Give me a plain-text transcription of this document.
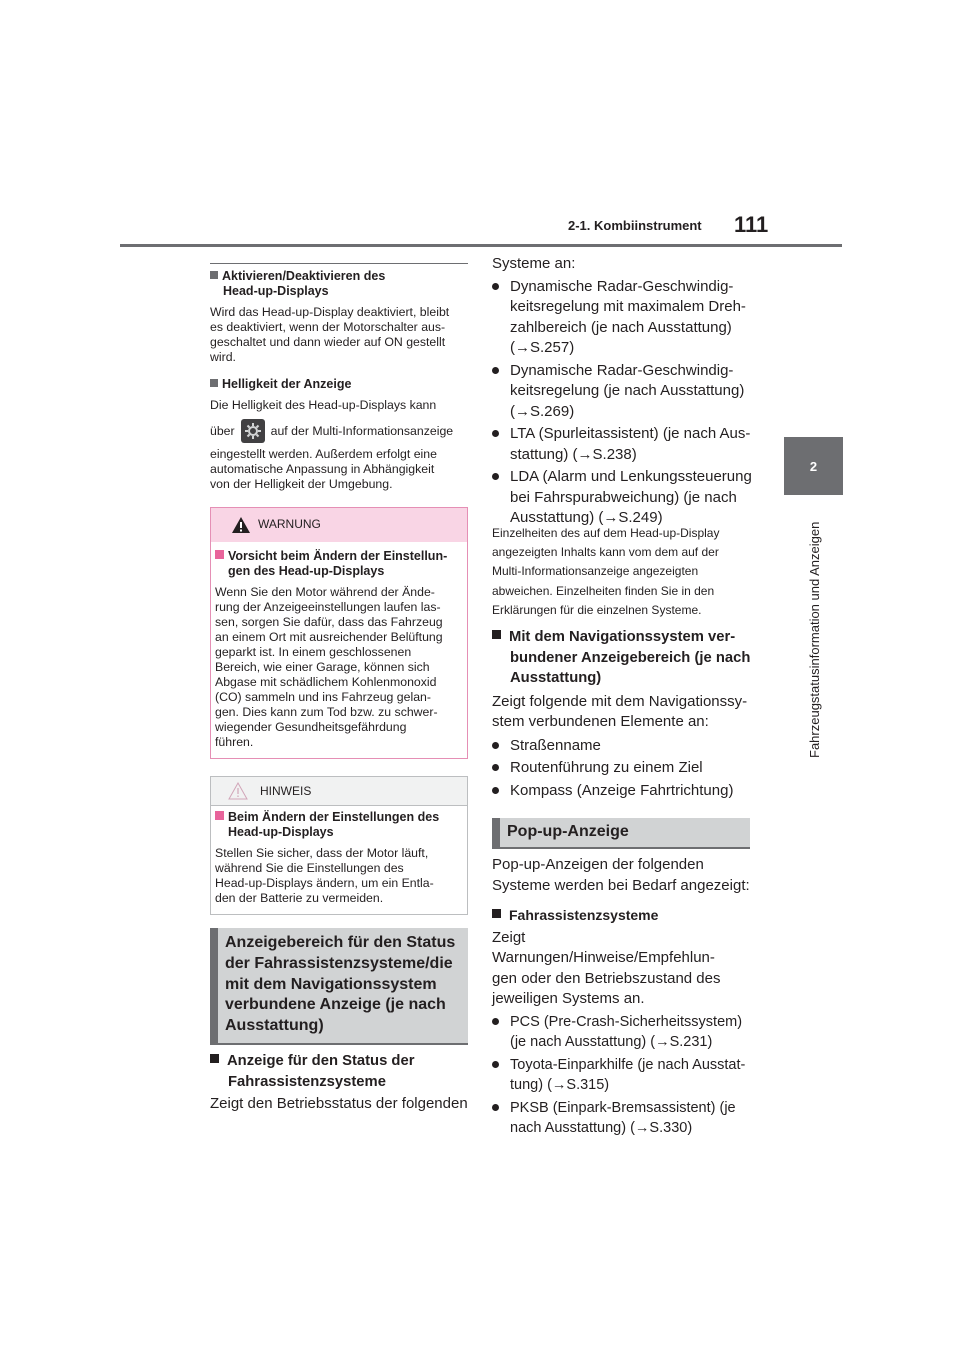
2-1. Kombiinstrument 111
2
Fahrzeugstatusinformation und Anzeigen
Aktivieren/Deaktivieren des
Head-up-Displays
Wird das Head-up-Display deaktiviert, bleibt
es deaktiviert, wenn der Motorschalter aus-
geschaltet und dann wieder auf ON gestellt
wird.
Helligkeit der Anzeige
Die Helligkeit des Head-up-Displays kann
über	auf der Multi-Informationsanzeige
eingestellt werden. Außerdem erfolgt eine
automatische Anpassung in Abhängigkeit
von der Helligkeit der Umgebung.
WARNUNG
Vorsicht beim Ändern der Einstellun-
gen des Head-up-Displays
Wenn Sie den Motor während der Ände-
rung der Anzeigeeinstellungen laufen las-
sen, sorgen Sie dafür, dass das Fahrzeug
an einem Ort mit ausreichender Belüftung
geparkt ist. In einem geschlossenen
Bereich, wie einer Garage, können sich
Abgase mit schädlichem Kohlenmonoxid
(CO) sammeln und ins Fahrzeug gelan-
gen. Dies kann zum Tod bzw. zu schwer-
wiegender Gesundheitsgefährdung
führen.
HINWEIS
Beim Ändern der Einstellungen des
Head-up-Displays
Stellen Sie sicher, dass der Motor läuft,
während Sie die Einstellungen des
Head-up-Displays ändern, um ein Entla-
den der Batterie zu vermeiden.
Anzeigebereich für den Status
der Fahrassistenzsysteme/die
mit dem Navigationssystem
verbundene Anzeige (je nach
Ausstattung)
Anzeige für den Status der
Fahrassistenzsysteme
Zeigt den Betriebsstatus der folgenden
Systeme an:
Dynamische Radar-Geschwindig-
keitsregelung mit maximalem Dreh-
zahlbereich (je nach Ausstattung)
(→S.257)
Dynamische Radar-Geschwindig-
keitsregelung (je nach Ausstattung)
(→S.269)
LTA (Spurleitassistent) (je nach Aus-
stattung) (→S.238)
LDA (Alarm und Lenkungssteuerung
bei Fahrspurabweichung) (je nach
Ausstattung) (→S.249)
Einzelheiten des auf dem Head-up-Display
angezeigten Inhalts kann vom dem auf der
Multi-Informationsanzeige angezeigten
abweichen. Einzelheiten finden Sie in den
Erklärungen für die einzelnen Systeme.
Mit dem Navigationssystem ver-
bundener Anzeigebereich (je nach
Ausstattung)
Zeigt folgende mit dem Navigationssy-
stem verbundenen Elemente an:
Straßenname
Routenführung zu einem Ziel
Kompass (Anzeige Fahrtrichtung)
Pop-up-Anzeige
Pop-up-Anzeigen der folgenden
Systeme werden bei Bedarf angezeigt:
Fahrassistenzsysteme
Zeigt Warnungen/Hinweise/Empfehlun-
gen oder den Betriebszustand des
jeweiligen Systems an.
PCS (Pre-Crash-Sicherheitssystem)
(je nach Ausstattung) (→S.231)
Toyota-Einparkhilfe (je nach Ausstat-
tung) (→S.315)
PKSB (Einpark-Bremsassistent) (je
nach Ausstattung) (→S.330)
